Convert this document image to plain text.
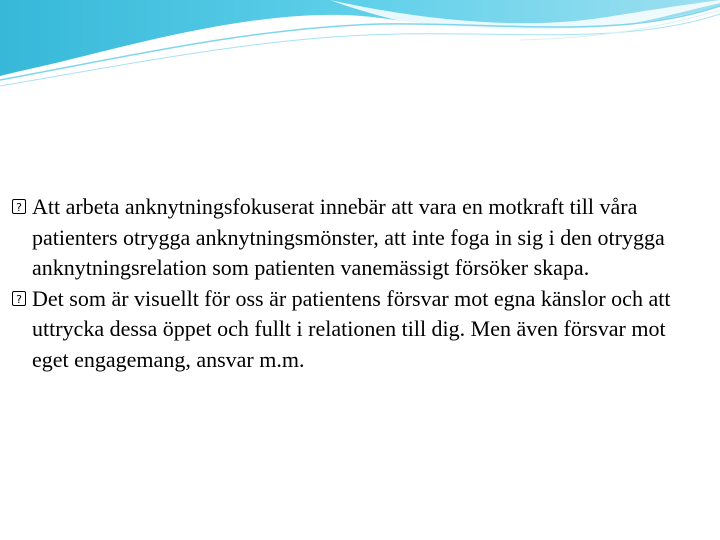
? Att arbeta anknytningsfokuserat innebär att vara en motkraft till våra patienters otrygga anknytningsmönster, att inte foga in sig i den otrygga anknytningsrelation som patienten vanemässigt försöker skapa.

? Det som är visuellt för oss är patientens försvar mot egna känslor och att uttrycka dessa öppet och fullt i relationen till dig. Men även försvar mot eget engagemang, ansvar m.m.
